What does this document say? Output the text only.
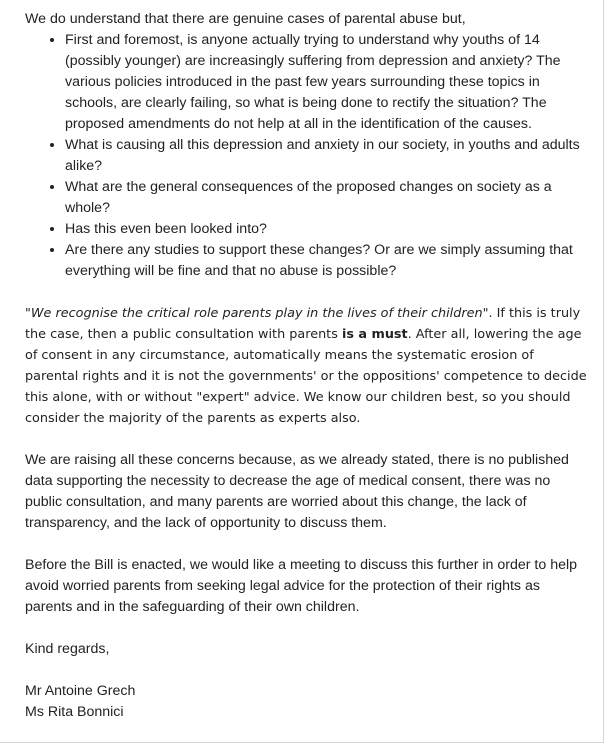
We do understand that there are genuine cases of parental abuse but,

• First and foremost, is anyone actually trying to understand why youths of 14 (possibly younger) are increasingly suffering from depression and anxiety? The various policies introduced in the past few years surrounding these topics in schools, are clearly failing, so what is being done to rectify the situation? The proposed amendments do not help at all in the identification of the causes.
• What is causing all this depression and anxiety in our society, in youths and adults alike?
• What are the general consequences of the proposed changes on society as a whole?
• Has this even been looked into?
• Are there any studies to support these changes? Or are we simply assuming that everything will be fine and that no abuse is possible?

"We recognise the critical role parents play in the lives of their children". If this is truly the case, then a public consultation with parents is a must. After all, lowering the age of consent in any circumstance, automatically means the systematic erosion of parental rights and it is not the governments' or the oppositions' competence to decide this alone, with or without "expert" advice. We know our children best, so you should consider the majority of the parents as experts also.

We are raising all these concerns because, as we already stated, there is no published data supporting the necessity to decrease the age of medical consent, there was no public consultation, and many parents are worried about this change, the lack of transparency, and the lack of opportunity to discuss them.

Before the Bill is enacted, we would like a meeting to discuss this further in order to help avoid worried parents from seeking legal advice for the protection of their rights as parents and in the safeguarding of their own children.

Kind regards,

Mr Antoine Grech

Ms Rita Bonnici
